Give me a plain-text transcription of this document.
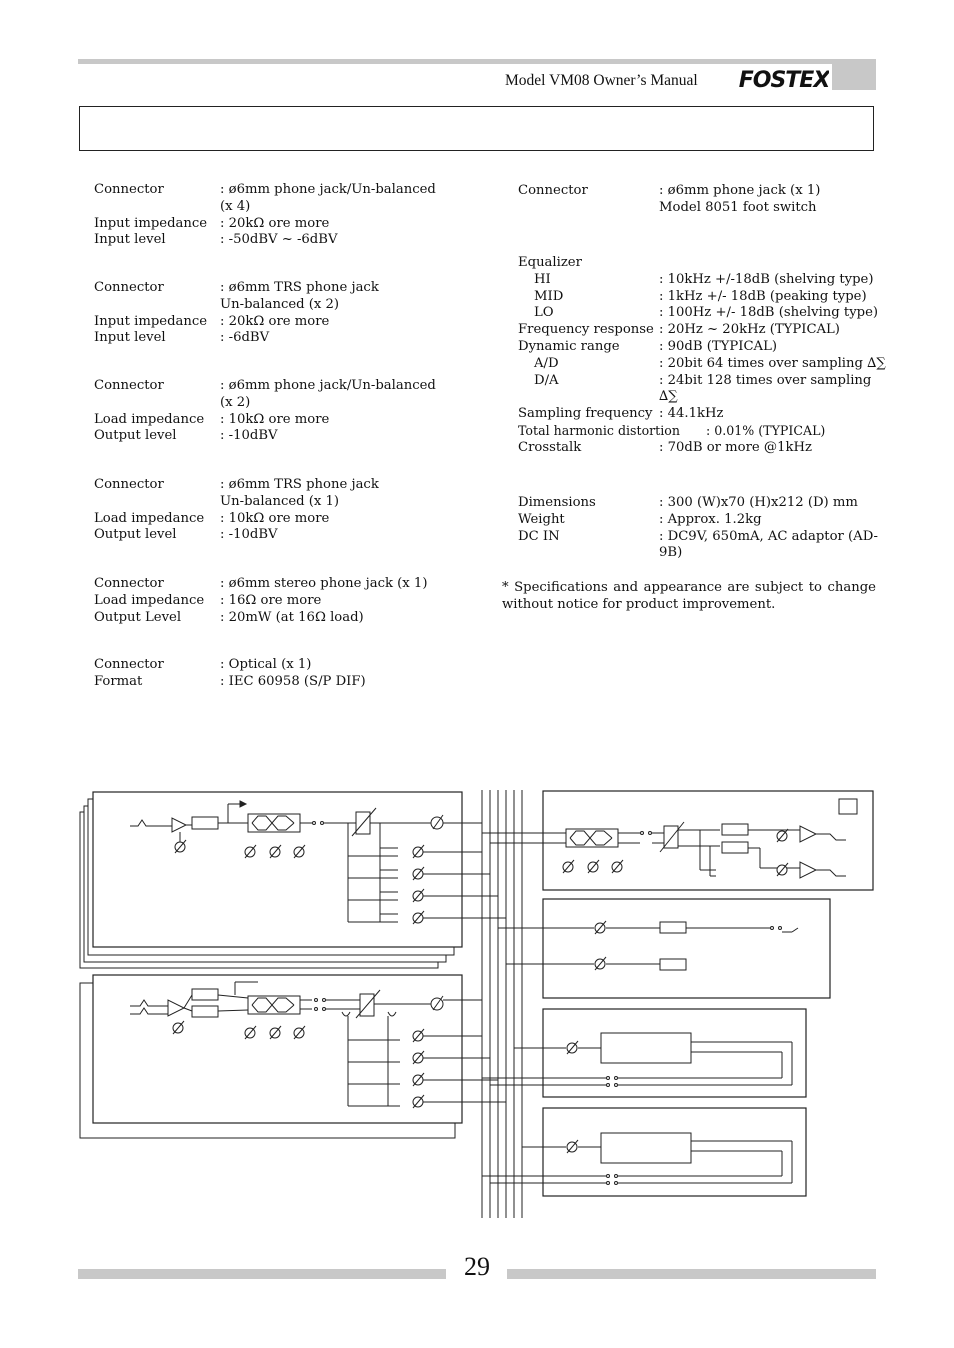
Model VM08 Owner’s Manual FOSTEX
Connector	: ø6mm phone jack/Un-balanced

(x 4)
Input impedance : 20kΩ ore more
Input level	: -50dBV ~ -6dBV
Connector	: ø6mm TRS phone jack

Un-balanced (x 2)
Input impedance : 20kΩ ore more
Input level	: -6dBV
Connector	: ø6mm phone jack/Un-balanced

(x 2)
Load impedance : 10kΩ ore more
Output level	: -10dBV
Connector	: ø6mm TRS phone jack

Un-balanced (x 1)
Load impedance : 10kΩ ore more
Output level	: -10dBV
Connector	: ø6mm stereo phone jack (x 1)
Load impedance : 16Ω ore more
Output Level	: 20mW (at 16Ω load)
Connector	: Optical (x 1)
Format	: IEC 60958 (S/P DIF)
Connector	: ø6mm phone jack (x 1)

Model 8051 foot switch
Equalizer
HI	: 10kHz +/-18dB (shelving type)
MID	: 1kHz +/- 18dB (peaking type)
LO	: 100Hz +/- 18dB (shelving type)
Frequency response : 20Hz ~ 20kHz (TYPICAL)
Dynamic range	: 90dB (TYPICAL)
A/D	: 20bit 64 times over sampling ∆∑
D/A	: 24bit 128 times over sampling

∆∑
Sampling frequency : 44.1kHz
Total harmonic distortion : 0.01% (TYPICAL)
Crosstalk	: 70dB or more @1kHz
Dimensions	: 300 (W)x70 (H)x212 (D) mm
Weight	: Approx. 1.2kg
DC IN	: DC9V, 650mA, AC adaptor (AD-

9B)
* Specifications and appearance are subject to change without notice for product improvement.
29
